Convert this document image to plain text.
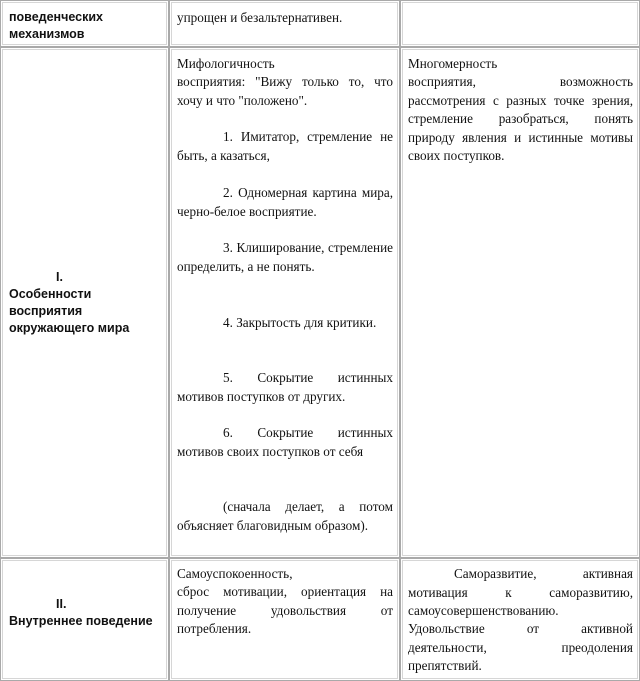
поведенческих механизмов

упрощен и безальтернативен.

I.
Особенности восприятия окружающего мира

Мифологичность

восприятия: "Вижу только то, что хочу и что "положено".

1. Имитатор, стремление не быть, а казаться,

2. Одномерная картина мира, черно-белое восприятие.

3. Клиширование, стремление определить, а не понять.

4. Закрытость для критики.

5. Сокрытие истинных мотивов поступков от других.

6. Сокрытие истинных мотивов своих поступков от себя

(сначала делает, а потом объясняет благовидным образом).

Многомерность

восприятия, возможность рассмотрения с разных точке зрения, стремление разобраться, понять природу явления и истинные мотивы своих поступков.

II.
Внутреннее поведение

Самоуспокоенность,

сброс мотивации, ориентация на получение удовольствия от потребления.

Саморазвитие, активная мотивация к саморазвитию, самоусовершенствованию.

Удовольствие от активной деятельности, преодоления препятствий.
